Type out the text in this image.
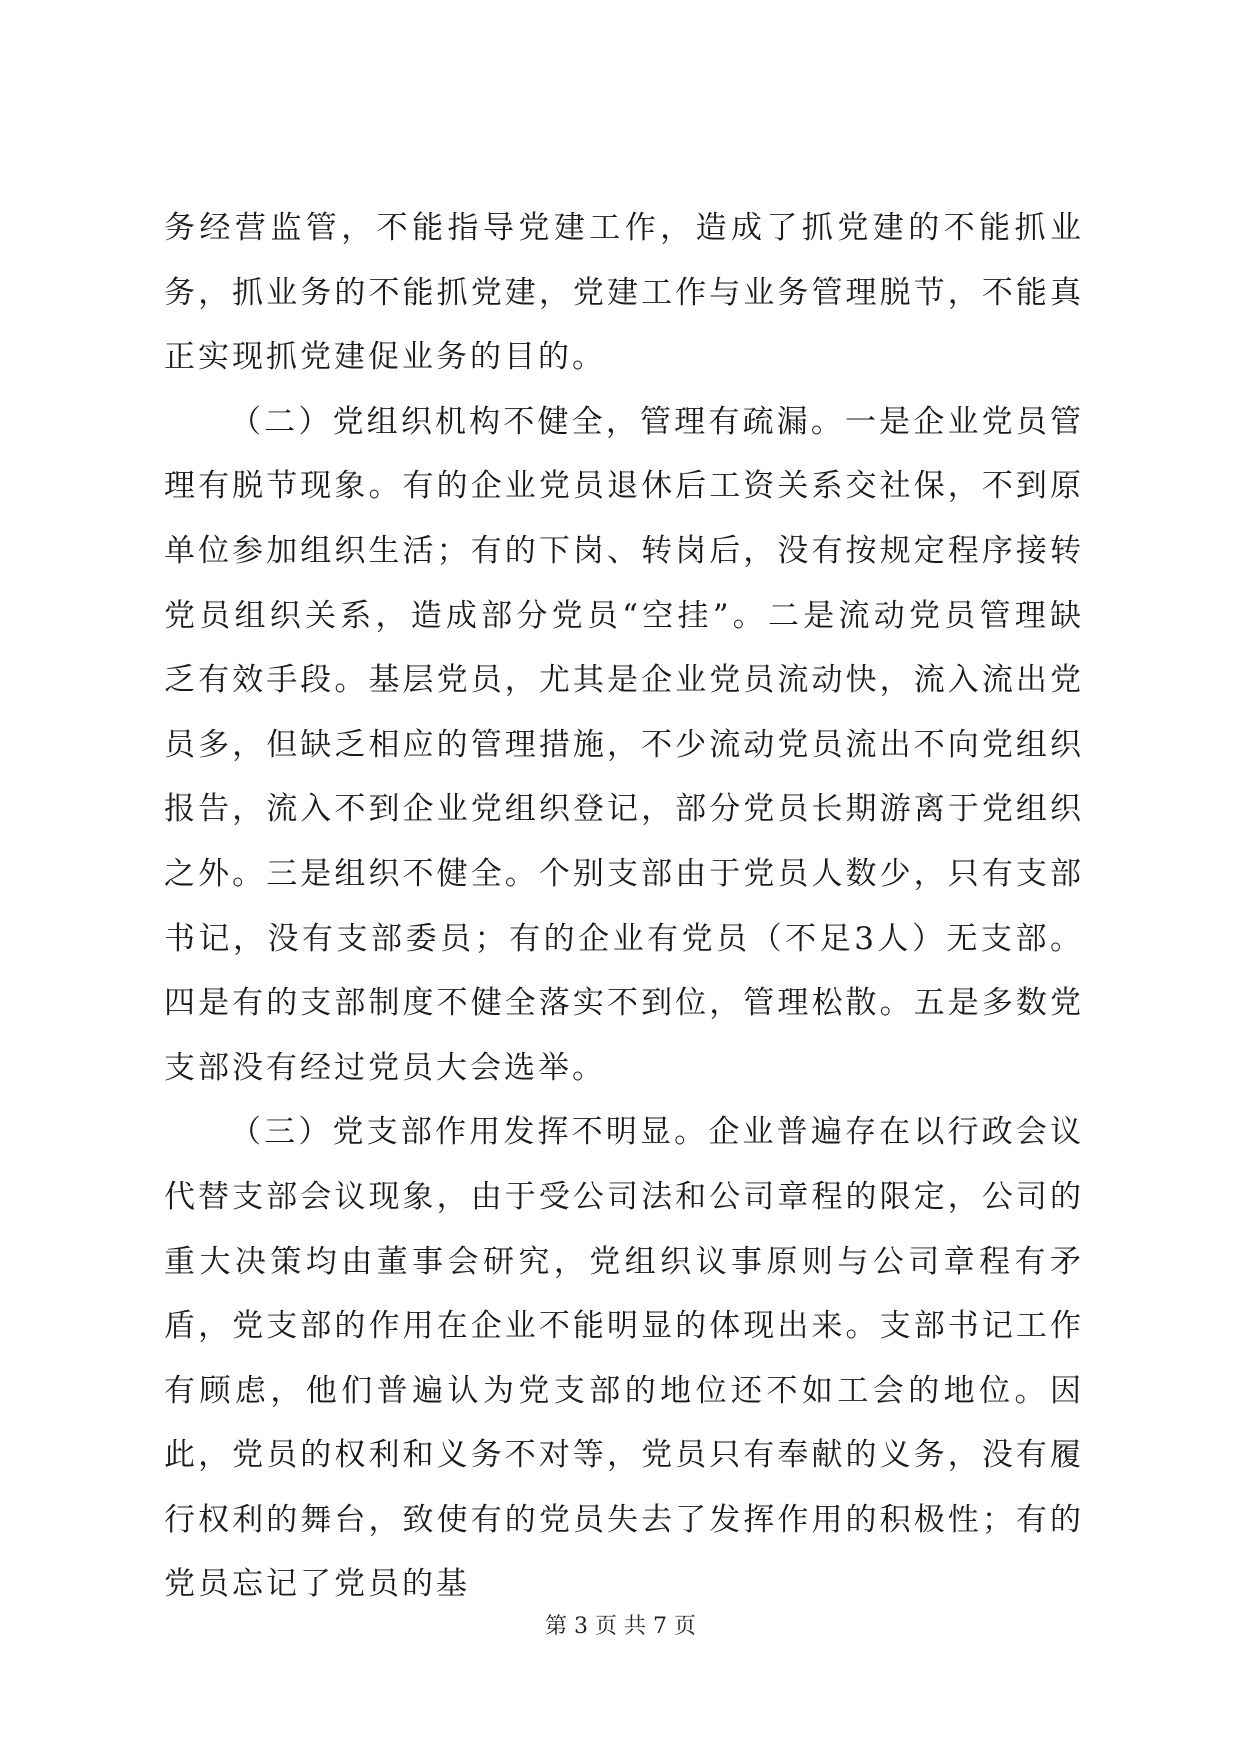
务经营监管，不能指导党建工作，造成了抓党建的不能抓业务，抓业务的不能抓党建，党建工作与业务管理脱节，不能真正实现抓党建促业务的目的。

（二）党组织机构不健全，管理有疏漏。一是企业党员管理有脱节现象。有的企业党员退休后工资关系交社保，不到原单位参加组织生活；有的下岗、转岗后，没有按规定程序接转党员组织关系，造成部分党员“空挂”。二是流动党员管理缺乏有效手段。基层党员，尤其是企业党员流动快，流入流出党员多，但缺乏相应的管理措施，不少流动党员流出不向党组织报告，流入不到企业党组织登记，部分党员长期游离于党组织之外。三是组织不健全。个别支部由于党员人数少，只有支部书记，没有支部委员；有的企业有党员（不足3人）无支部。四是有的支部制度不健全落实不到位，管理松散。五是多数党支部没有经过党员大会选举。

（三）党支部作用发挥不明显。企业普遍存在以行政会议代替支部会议现象，由于受公司法和公司章程的限定，公司的重大决策均由董事会研究，党组织议事原则与公司章程有矛盾，党支部的作用在企业不能明显的体现出来。支部书记工作有顾虑，他们普遍认为党支部的地位还不如工会的地位。因此，党员的权利和义务不对等，党员只有奉献的义务，没有履行权利的舞台，致使有的党员失去了发挥作用的积极性；有的党员忘记了党员的基

第 3 页 共 7 页
